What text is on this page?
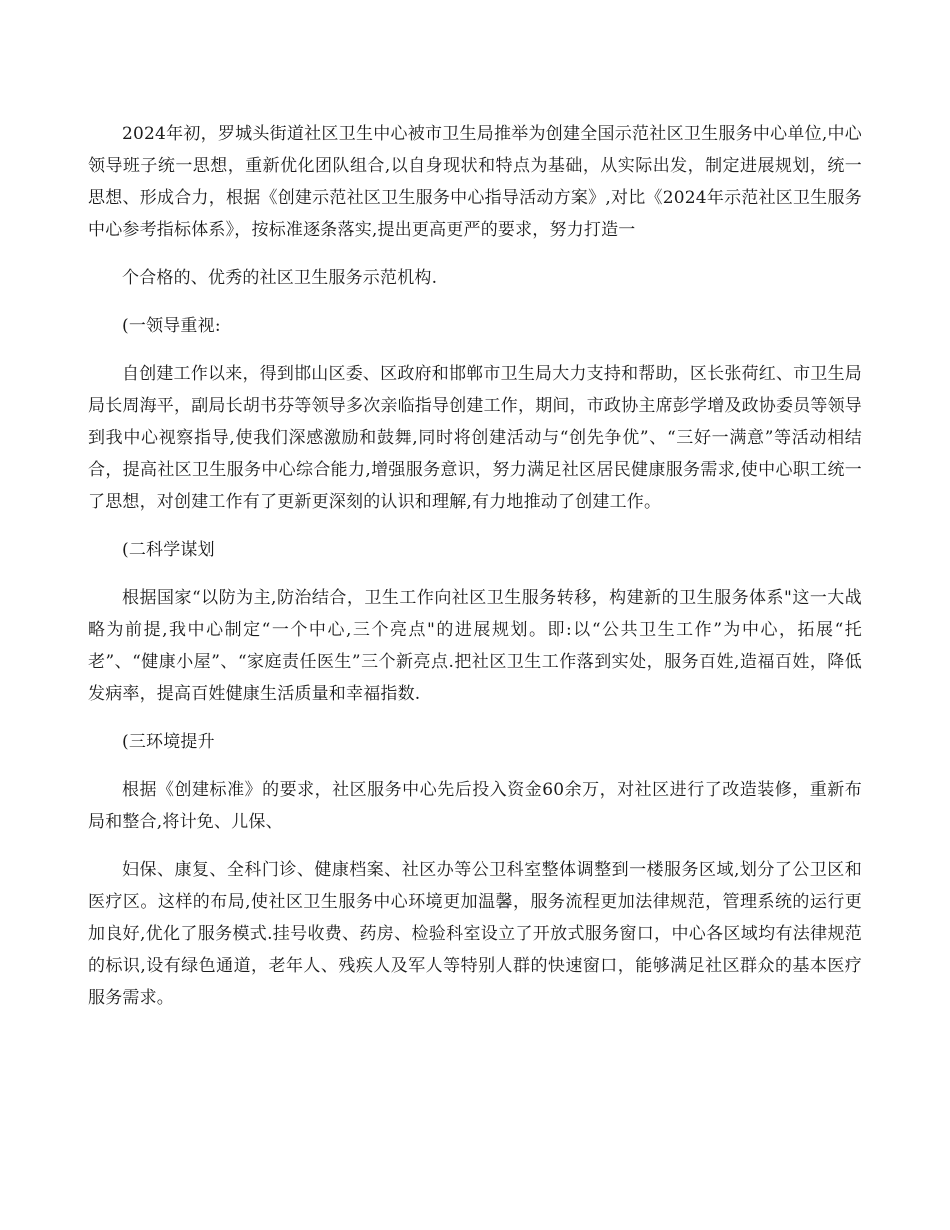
2024年初，罗城头街道社区卫生中心被市卫生局推举为创建全国示范社区卫生服务中心单位,中心领导班子统一思想，重新优化团队组合,以自身现状和特点为基础，从实际出发，制定进展规划，统一思想、形成合力，根据《创建示范社区卫生服务中心指导活动方案》,对比《2024年示范社区卫生服务中心参考指标体系》，按标准逐条落实,提出更高更严的要求，努力打造一

个合格的、优秀的社区卫生服务示范机构.

(一领导重视:

自创建工作以来，得到邯山区委、区政府和邯郸市卫生局大力支持和帮助，区长张荷红、市卫生局局长周海平，副局长胡书芬等领导多次亲临指导创建工作，期间，市政协主席彭学增及政协委员等领导到我中心视察指导,使我们深感激励和鼓舞,同时将创建活动与“创先争优”、“三好一满意”等活动相结合，提高社区卫生服务中心综合能力,增强服务意识，努力满足社区居民健康服务需求,使中心职工统一了思想，对创建工作有了更新更深刻的认识和理解,有力地推动了创建工作。

(二科学谋划

根据国家“以防为主,防治结合，卫生工作向社区卫生服务转移，构建新的卫生服务体系"这一大战略为前提,我中心制定“一个中心,三个亮点"的进展规划。即:以“公共卫生工作”为中心，拓展“托老”、“健康小屋”、“家庭责任医生”三个新亮点.把社区卫生工作落到实处，服务百姓,造福百姓，降低发病率，提高百姓健康生活质量和幸福指数.

(三环境提升

根据《创建标准》的要求，社区服务中心先后投入资金60余万，对社区进行了改造装修，重新布局和整合,将计免、儿保、

妇保、康复、全科门诊、健康档案、社区办等公卫科室整体调整到一楼服务区域,划分了公卫区和医疗区。这样的布局,使社区卫生服务中心环境更加温馨，服务流程更加法律规范，管理系统的运行更加良好,优化了服务模式.挂号收费、药房、检验科室设立了开放式服务窗口，中心各区域均有法律规范的标识,设有绿色通道，老年人、残疾人及军人等特别人群的快速窗口，能够满足社区群众的基本医疗服务需求。
